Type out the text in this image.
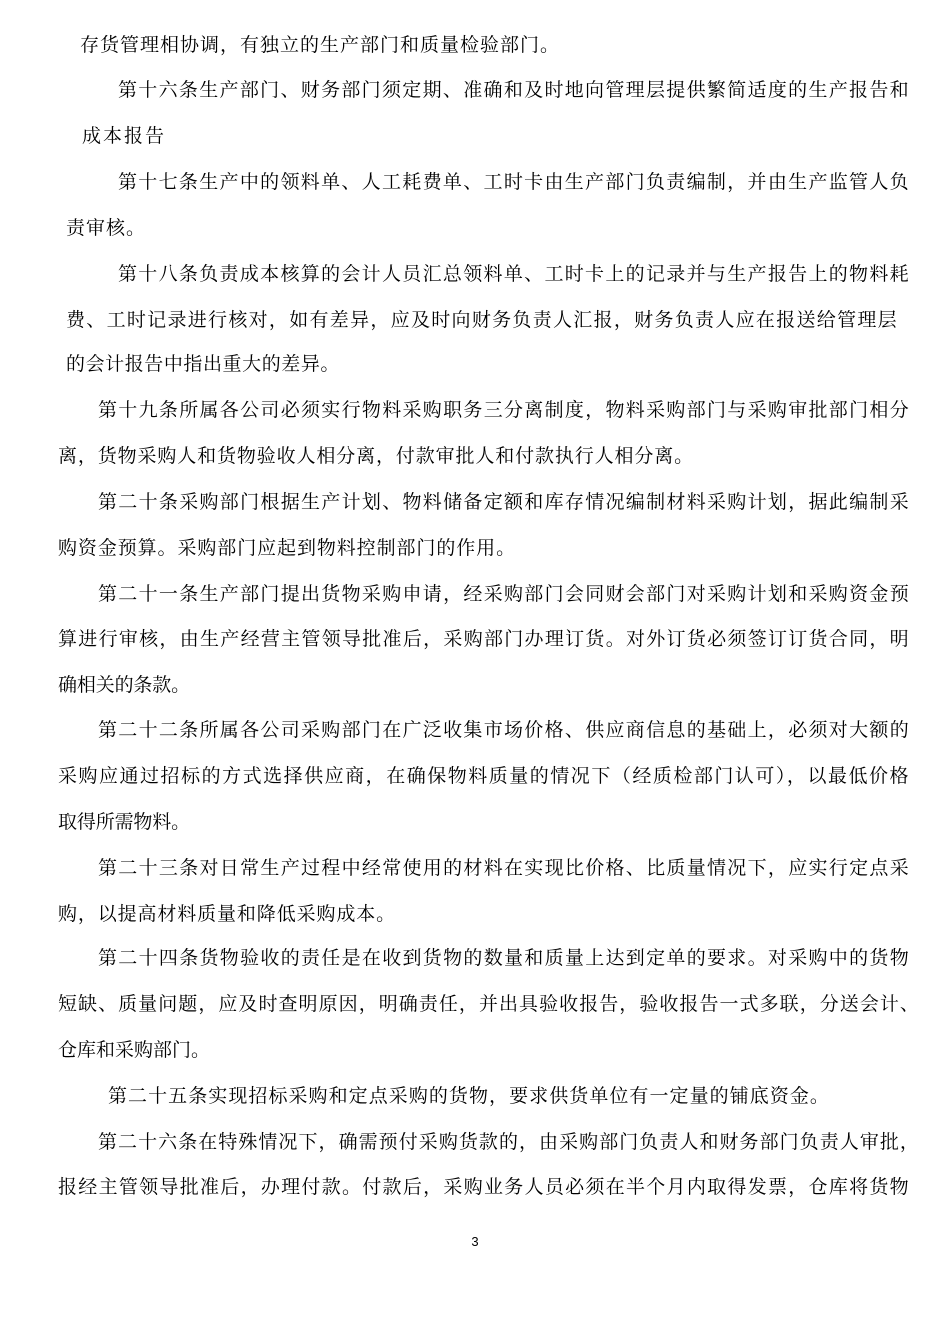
存货管理相协调，有独立的生产部门和质量检验部门。

第十六条生产部门、财务部门须定期、准确和及时地向管理层提供繁简适度的生产报告和

成本报告

第十七条生产中的领料单、人工耗费单、工时卡由生产部门负责编制，并由生产监管人负

责审核。

第十八条负责成本核算的会计人员汇总领料单、工时卡上的记录并与生产报告上的物料耗

费、工时记录进行核对，如有差异，应及时向财务负责人汇报，财务负责人应在报送给管理层

的会计报告中指出重大的差异。

第十九条所属各公司必须实行物料采购职务三分离制度，物料采购部门与采购审批部门相分

离，货物采购人和货物验收人相分离，付款审批人和付款执行人相分离。

第二十条采购部门根据生产计划、物料储备定额和库存情况编制材料采购计划，据此编制采

购资金预算。采购部门应起到物料控制部门的作用。

第二十一条生产部门提出货物采购申请，经采购部门会同财会部门对采购计划和采购资金预

算进行审核，由生产经营主管领导批准后，采购部门办理订货。对外订货必须签订订货合同，明

确相关的条款。

第二十二条所属各公司采购部门在广泛收集市场价格、供应商信息的基础上，必须对大额的

采购应通过招标的方式选择供应商，在确保物料质量的情况下（经质检部门认可），以最低价格

取得所需物料。

第二十三条对日常生产过程中经常使用的材料在实现比价格、比质量情况下，应实行定点采

购，以提高材料质量和降低采购成本。

第二十四条货物验收的责任是在收到货物的数量和质量上达到定单的要求。对采购中的货物

短缺、质量问题，应及时查明原因，明确责任，并出具验收报告，验收报告一式多联，分送会计、

仓库和采购部门。

第二十五条实现招标采购和定点采购的货物，要求供货单位有一定量的铺底资金。

第二十六条在特殊情况下，确需预付采购货款的，由采购部门负责人和财务部门负责人审批，

报经主管领导批准后，办理付款。付款后，采购业务人员必须在半个月内取得发票，仓库将货物

3
